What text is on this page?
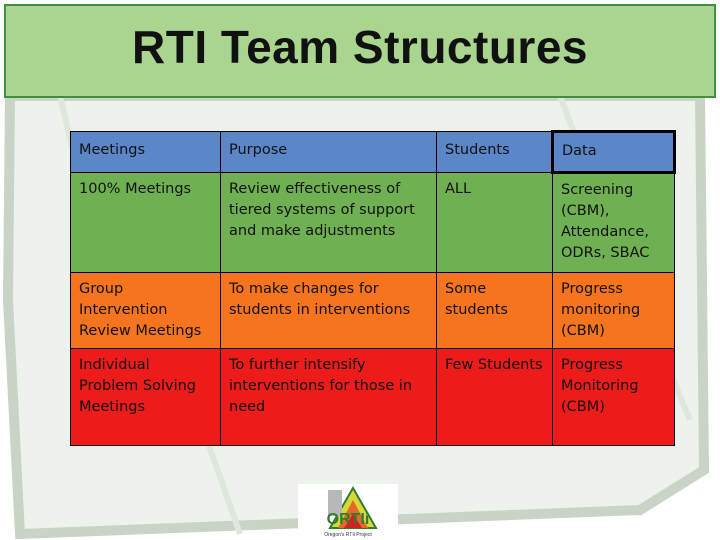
RTI Team Structures
Meetings	Purpose	Students	Data
100% Meetings	Review effectiveness of tiered systems of support and make adjustments	ALL	Screening (CBM), Attendance, ODRs, SBAC
Group Intervention Review Meetings	To make changes for students in interventions	Some students	Progress monitoring (CBM)
Individual Problem Solving Meetings	To further intensify interventions for those in need	Few Students	Progress Monitoring (CBM)
ORTIi
Oregon's RTIi Project
